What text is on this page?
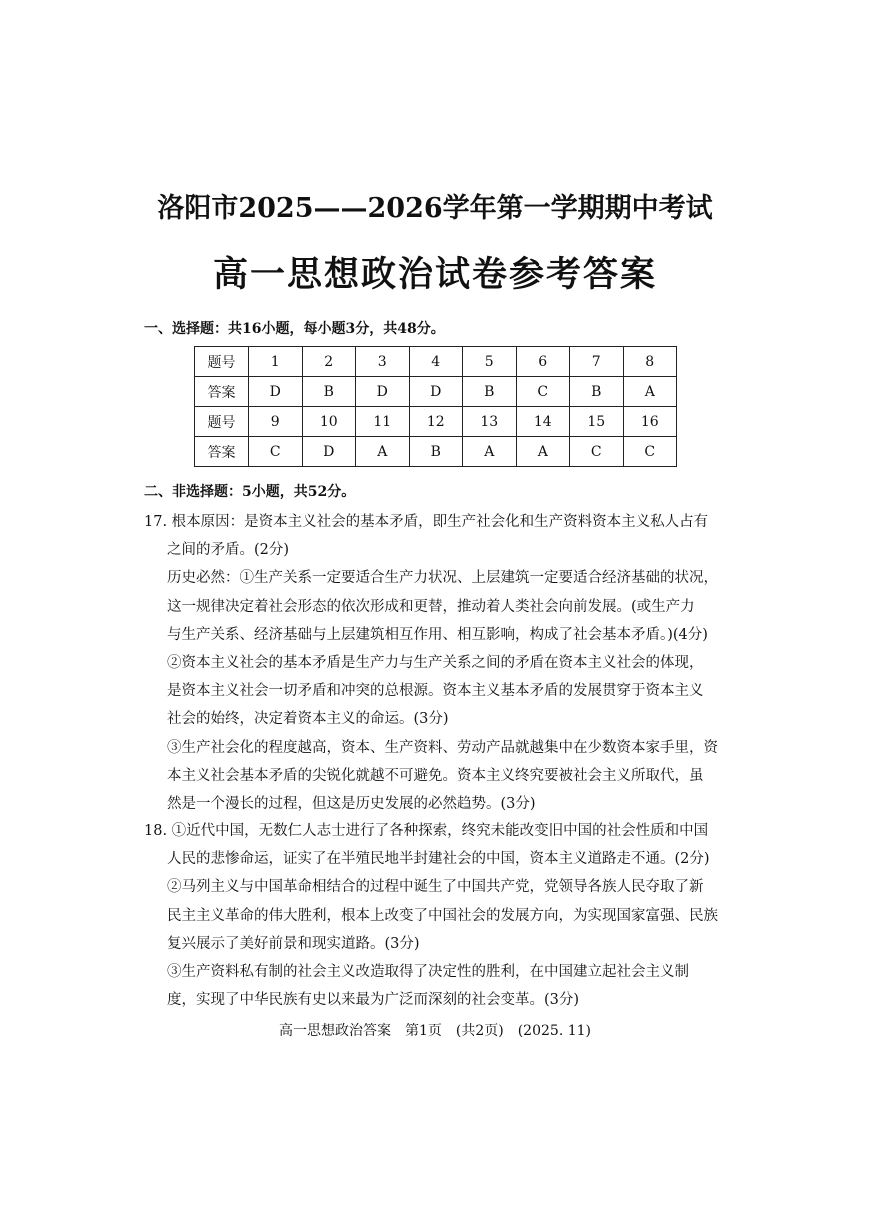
洛阳市2025——2026学年第一学期期中考试
高一思想政治试卷参考答案
一、选择题：共16小题，每小题3分，共48分。
题号	1	2	3	4	5	6	7	8
答案	D	B	D	D	B	C	B	A
题号	9	10	11	12	13	14	15	16
答案	C	D	A	B	A	A	C	C
二、非选择题：5小题，共52分。
17. 根本原因：是资本主义社会的基本矛盾，即生产社会化和生产资料资本主义私人占有
之间的矛盾。(2分)
历史必然：①生产关系一定要适合生产力状况、上层建筑一定要适合经济基础的状况，
这一规律决定着社会形态的依次形成和更替，推动着人类社会向前发展。(或生产力
与生产关系、经济基础与上层建筑相互作用、相互影响，构成了社会基本矛盾。)(4分)
②资本主义社会的基本矛盾是生产力与生产关系之间的矛盾在资本主义社会的体现，
是资本主义社会一切矛盾和冲突的总根源。资本主义基本矛盾的发展贯穿于资本主义
社会的始终，决定着资本主义的命运。(3分)
③生产社会化的程度越高，资本、生产资料、劳动产品就越集中在少数资本家手里，资
本主义社会基本矛盾的尖锐化就越不可避免。资本主义终究要被社会主义所取代，虽
然是一个漫长的过程，但这是历史发展的必然趋势。(3分)
18. ①近代中国，无数仁人志士进行了各种探索，终究未能改变旧中国的社会性质和中国
人民的悲惨命运，证实了在半殖民地半封建社会的中国，资本主义道路走不通。(2分)
②马列主义与中国革命相结合的过程中诞生了中国共产党，党领导各族人民夺取了新
民主主义革命的伟大胜利，根本上改变了中国社会的发展方向，为实现国家富强、民族
复兴展示了美好前景和现实道路。(3分)
③生产资料私有制的社会主义改造取得了决定性的胜利，在中国建立起社会主义制
度，实现了中华民族有史以来最为广泛而深刻的社会变革。(3分)
高一思想政治答案　第1页　(共2页)　(2025. 11)
